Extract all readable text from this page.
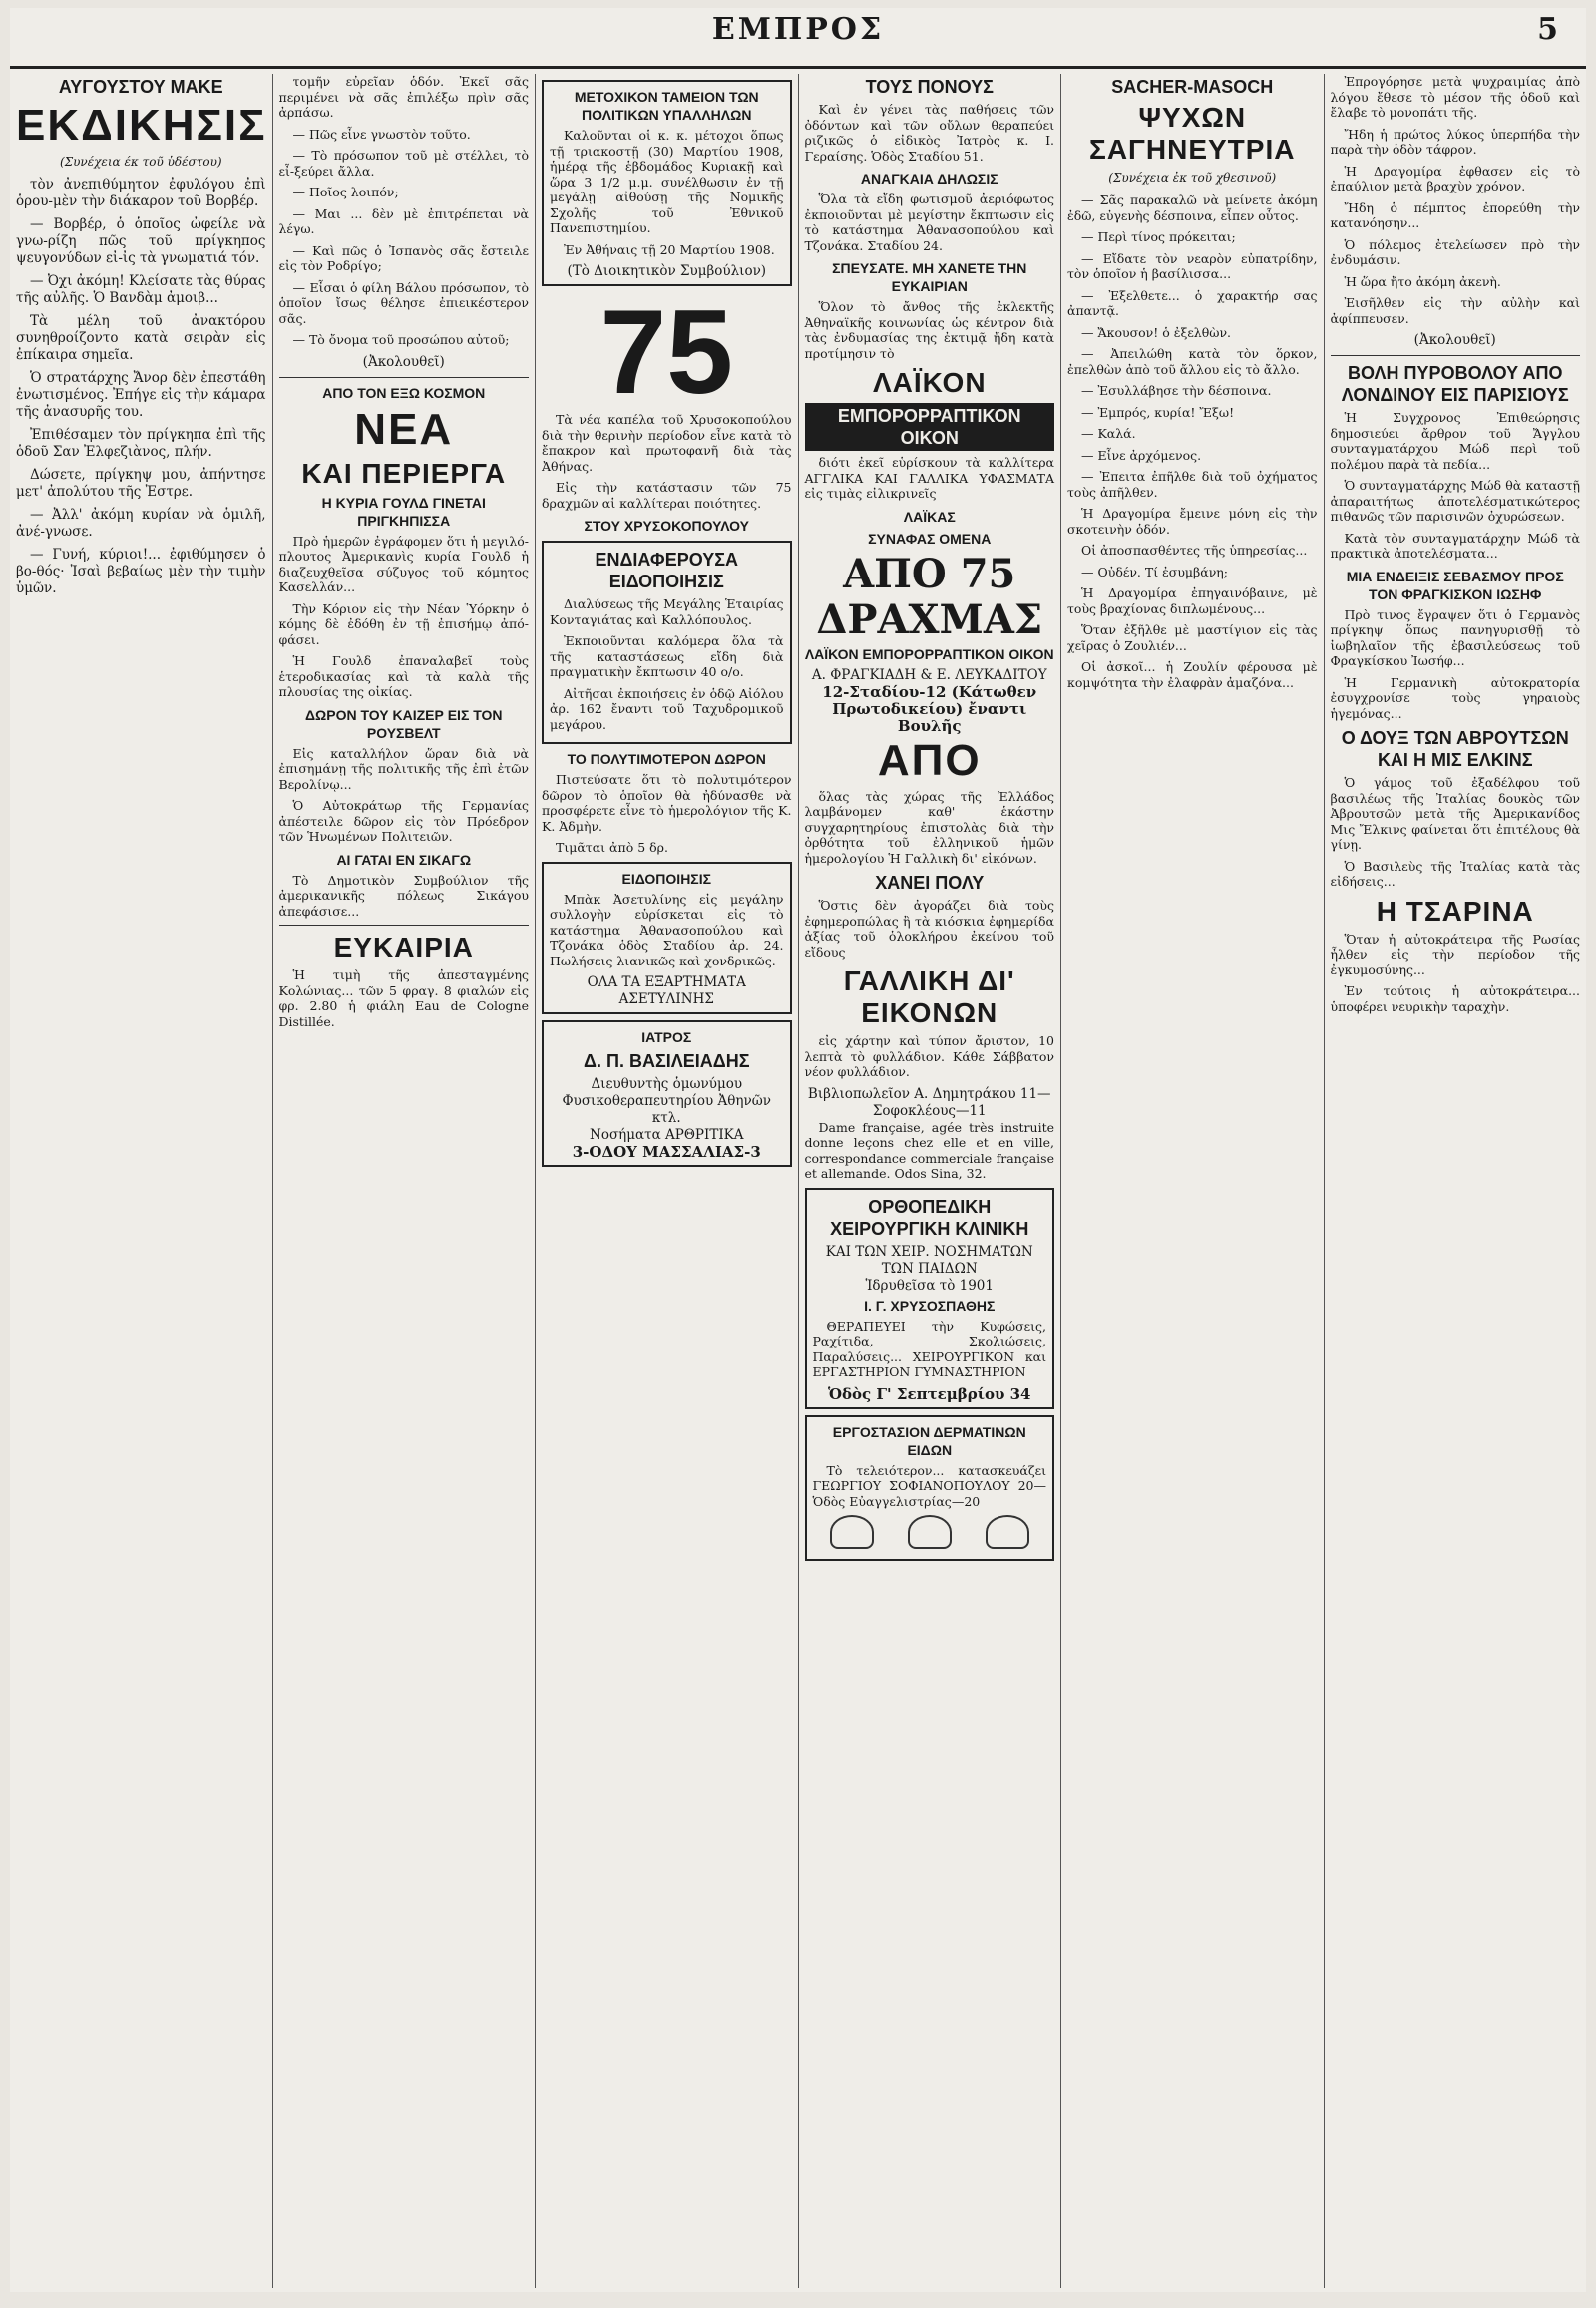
ΕΜΠΡΟΣ	5
ΑΥΓΟΥΣΤΟΥ ΜΑΚΕ
ΕΚΔΙΚΗΣΙΣ
(Συνέχεια έκ τοῦ ὑδέστου)

τὸν ἀνεπιθύμητον ἐφυλόγου ἐπὶ ὁρου-μὲν τὴν διάκαρον τοῦ Βορβέρ.

— Βορβέρ, ὁ ὁποῖος ὠφείλε νὰ γνω-ρίζη πῶς τοῦ πρίγκηπος ψευγονύδων εἰ-ἰς τὰ γνωματιά τόν.

— Ὀχι ἀκόμη! Κλείσατε τὰς θύρας τῆς αὐλῆς. Ὁ Βανδὰμ ἀμοιβ...

Τὰ μέλη τοῦ ἀνακτόρου συνηθροίζοντο κατὰ σειρὰν εἰς ἐπίκαιρα σημεῖα.

Ὁ στρατάρχης Ἄνορ δὲν ἐπεστάθη ἐνωτισμένος. Ἐπήγε εἰς τὴν κάμαρα τῆς ἀνασυρῆς του.

Ἐπιθέσαμεν τὸν πρίγκηπα ἐπὶ τῆς ὁδοῦ Σαν Ἐλφεζιὰνος, πλήν.

Δώσετε, πρίγκηψ μου, ἀπήντησε μετ' ἀπολύτου τῆς Ἐστρε.

— Ἀλλ' ἀκόμη κυρίαν νὰ ὁμιλῆ, ἀνέ-γνωσε.

— Γυνή, κύριοι!... ἐφιθύμησεν ὁ βο-θός· Ἰσαὶ βεβαίως μὲν τὴν τιμὴν ὑμῶν.

τομῆν εὐρεῖαν ὁδόν. Ἐκεῖ σᾶς περιμένει νὰ σᾶς ἐπιλέξω πρὶν σᾶς ἀρπάσω.

— Πῶς εἶνε γνωστὸν τοῦτο.

— Τὸ πρόσωπον τοῦ μὲ στέλλει, τὸ εἶ-ξεύρει ἄλλα.

— Ποῖος λοιπόν;

— Μαι ... δὲν μὲ ἐπιτρέπεται νὰ λέγω.

— Καὶ πῶς ὁ Ἰσπανὸς σᾶς ἔστειλε εἰς τὸν Ροδρίγο;

— Εἶσαι ὁ φίλη Βάλου πρόσωπον, τὸ ὁποῖον ἴσως θέλησε ἐπιεικέστερον σᾶς.

— Τὸ ὄνομα τοῦ προσώπου αὐτοῦ;

(Ἀκολουθεῖ)
ΑΠΟ ΤΟΝ ΕΞΩ ΚΟΣΜΟΝ
ΝΕΑ
ΚΑΙ ΠΕΡΙΕΡΓΑ
Η ΚΥΡΙΑ ΓΟΥΛΔ ΓΙΝΕΤΑΙ ΠΡΙΓΚΗΠΙΣΣΑ

Πρὸ ἡμερῶν ἐγράφομεν ὅτι ἡ μεγιλό-πλουτος Ἀμερικανὶς κυρία Γουλδ ἡ διαζευχθεῖσα σύζυγος τοῦ κόμητος Κασελλάν...

Τὴν Κόριον εἰς τὴν Νέαν Ὑόρκην ὁ κόμης δὲ ἐδόθη ἐν τῇ ἐπισήμῳ ἀπό-φάσει.

Ἡ Γουλδ ἐπαναλαβεῖ τοὺς ἑτεροδικασίας καὶ τὰ καλὰ τῆς πλουσίας της οἰκίας.

ΔΩΡΟΝ ΤΟΥ ΚΑΙΖΕΡ ΕΙΣ ΤΟΝ ΡΟΥΣΒΕΛΤ

Εἰς καταλλήλον ὥραν διὰ νὰ ἐπισημάνῃ τῆς πολιτικῆς τῆς ἐπὶ ἐτῶν Βερολίνῳ...

Ὁ Αὐτοκράτωρ τῆς Γερμανίας ἀπέστειλε δῶρον εἰς τὸν Πρόεδρον τῶν Ἡνωμένων Πολιτειῶν.

ΑΙ ΓΑΤΑΙ ΕΝ ΣΙΚΑΓΩ

Τὸ Δημοτικὸν Συμβούλιον τῆς ἀμερικανικῆς πόλεως Σικάγου ἀπεφάσισε...

ΕΥΚΑΙΡΙΑ

Ἡ τιμὴ τῆς ἀπεσταγμένης Κολώνιας... τῶν 5 φραγ. 8 φιαλών εἰς φρ. 2.80 ἡ φιάλη Eau de Cologne Distillée.

ΜΕΤΟΧΙΚΟΝ ΤΑΜΕΙΟΝ ΤΩΝ ΠΟΛΙΤΙΚΩΝ ΥΠΑΛΛΗΛΩΝ

Καλοῦνται οἱ κ. κ. μέτοχοι ὅπως τῇ τριακοστῇ (30) Μαρτίου 1908, ἡμέρᾳ τῆς ἑβδομάδος Κυριακῇ καὶ ὥρα 3 1/2 μ.μ. συνέλθωσιν ἐν τῇ μεγάλῃ αἰθούσῃ τῆς Νομικῆς Σχολῆς τοῦ Ἐθνικοῦ Πανεπιστημίου.

Ἐν Ἀθήναις τῇ 20 Μαρτίου 1908.

(Τὸ Διοικητικὸν Συμβούλιον)
75

Τὰ νέα καπέλα τοῦ Χρυσοκοπούλου διὰ τὴν θερινὴν περίοδον εἶνε κατὰ τὸ ἔπακρον καὶ πρωτοφανῆ διὰ τὰς Ἀθήνας.

Εἰς τὴν κατάστασιν τῶν 75 δραχμῶν αἱ καλλίτεραι ποιότητες.

ΣΤΟΥ ΧΡΥΣΟΚΟΠΟΥΛΟΥ
ΕΝΔΙΑΦΕΡΟΥΣΑ ΕΙΔΟΠΟΙΗΣΙΣ

Διαλύσεως τῆς Μεγάλης Ἑταιρίας Κονταγιάτας καὶ Καλλόπουλος.

Ἐκποιοῦνται καλόμερα ὅλα τὰ τῆς καταστάσεως εἴδη διὰ πραγματικὴν ἔκπτωσιν 40 ο/ο.

Αἰτῆσαι ἐκποιήσεις ἐν ὁδῷ Αἰόλου ἀρ. 162 ἔναντι τοῦ Ταχυδρομικοῦ μεγάρου.

ΤΟ ΠΟΛΥΤΙΜΟΤΕΡΟΝ ΔΩΡΟΝ

Πιστεύσατε ὅτι τὸ πολυτιμότερον δῶρον τὸ ὁποῖον θὰ ἠδύνασθε νὰ προσφέρετε εἶνε τὸ ἡμερολόγιον τῆς Κ. Κ. Ἀδμὴν.

Τιμᾶται ἀπὸ 5 δρ.

ΕΙΔΟΠΟΙΗΣΙΣ

Μπὰκ Ἀσετυλίνης εἰς μεγάλην συλλογὴν εὑρίσκεται εἰς τὸ κατάστημα Ἀθανασοπούλου καὶ Τζονάκα ὁδὸς Σταδίου ἀρ. 24. Πωλήσεις λιανικῶς καὶ χονδρικῶς.

ΟΛΑ ΤΑ ΕΞΑΡΤΗΜΑΤΑ ΑΣΕΤΥΛΙΝΗΣ
ΙΑΤΡΟΣ
Δ. Π. ΒΑΣΙΛΕΙΑΔΗΣ
Διευθυντὴς ὁμωνύμου Φυσικοθεραπευτηρίου Ἀθηνῶν κτλ.
Νοσήματα ΑΡΘΡΙΤΙΚΑ
3-ΟΔΟΥ ΜΑΣΣΑΛΙΑΣ-3
ΤΟΥΣ ΠΟΝΟΥΣ

Καὶ ἐν γένει τὰς παθήσεις τῶν ὀδόντων καὶ τῶν οὔλων θεραπεύει ριζικῶς ὁ εἰδικὸς Ἰατρὸς κ. Ι. Γεραίσης. Ὁδὸς Σταδίου 51.

ΑΝΑΓΚΑΙΑ ΔΗΛΩΣΙΣ

Ὅλα τὰ εἴδη φωτισμοῦ ἀεριόφωτος ἐκποιοῦνται μὲ μεγίστην ἔκπτωσιν εἰς τὸ κατάστημα Ἀθανασοπούλου καὶ Τζονάκα. Σταδίου 24.

ΣΠΕΥΣΑΤΕ. ΜΗ ΧΑΝΕΤΕ ΤΗΝ ΕΥΚΑΙΡΙΑΝ

Ὅλον τὸ ἄνθος τῆς ἐκλεκτῆς Ἀθηναϊκῆς κοινωνίας ὡς κέντρον διὰ τὰς ἐνδυμασίας της ἐκτιμᾷ ἤδη κατὰ προτίμησιν τὸ

ΛΑΪΚΟΝ
ΕΜΠΟΡΟΡΡΑΠΤΙΚΟΝ ΟΙΚΟΝ

διότι ἐκεῖ εὑρίσκουν τὰ καλλίτερα ΑΓΓΛΙΚΑ ΚΑΙ ΓΑΛΛΙΚΑ ΥΦΑΣΜΑΤΑ εἰς τιμὰς εἰλικρινεῖς

ΛΑΪΚΑΣ
ΣΥΝΑΦΑΣ ΟΜΕΝΑ
ΑΠΟ 75 ΔΡΑΧΜΑΣ
ΛΑΪΚΟΝ ΕΜΠΟΡΟΡΡΑΠΤΙΚΟΝ ΟΙΚΟΝ
Α. ΦΡΑΓΚΙΑΔΗ & Ε. ΛΕΥΚΑΔΙΤΟΥ
12-Σταδίου-12 (Κάτωθεν Πρωτοδικείου) ἔναντι Βουλῆς
ΑΠΟ

ὅλας τὰς χώρας τῆς Ἑλλάδος λαμβάνομεν καθ' ἑκάστην συγχαρητηρίους ἐπιστολὰς διὰ τὴν ὀρθότητα τοῦ ἐλληνικοῦ ἡμῶν ἡμερολογίου Ἡ Γαλλικὴ δι' εἰκόνων.

ΧΑΝΕΙ ΠΟΛΥ

Ὅστις δὲν ἀγοράζει διὰ τοὺς ἐφημεροπώλας ἢ τὰ κιόσκια ἐφημερίδα ἀξίας τοῦ ὁλοκλήρου ἐκείνου τοῦ εἴδους

ΓΑΛΛΙΚΗ ΔΙ' ΕΙΚΟΝΩΝ

εἰς χάρτην καὶ τύπον ἄριστον, 10 λεπτὰ τὸ φυλλάδιον. Κάθε Σάββατον νέον φυλλάδιον.

Βιβλιοπωλεῖον Α. Δημητράκου 11—Σοφοκλέους—11

Dame française, agée très instruite donne leçons chez elle et en ville, correspondance commerciale française et allemande. Odos Sina, 32.

ΟΡΘΟΠΕΔΙΚΗ ΧΕΙΡΟΥΡΓΙΚΗ ΚΛΙΝΙΚΗ
ΚΑΙ ΤΩΝ ΧΕΙΡ. ΝΟΣΗΜΑΤΩΝ ΤΩΝ ΠΑΙΔΩΝ
Ἱδρυθεῖσα τὸ 1901
Ι. Γ. ΧΡΥΣΟΣΠΑΘΗΣ

ΘΕΡΑΠΕΥΕΙ τὴν Κυφώσεις, Ραχίτιδα, Σκολιώσεις, Παραλύσεις... ΧΕΙΡΟΥΡΓΙΚΟΝ και ΕΡΓΑΣΤΗΡΙΟΝ ΓΥΜΝΑΣΤΗΡΙΟΝ

Ὁδὸς Γ' Σεπτεμβρίου 34
ΕΡΓΟΣΤΑΣΙΟΝ ΔΕΡΜΑΤΙΝΩΝ ΕΙΔΩΝ

Τὸ τελειότερον... κατασκευάζει ΓΕΩΡΓΙΟΥ ΣΟΦΙΑΝΟΠΟΥΛΟΥ 20—Ὁδὸς Εὐαγγελιστρίας—20

SACHER-MASOCH
ΨΥΧΩΝ ΣΑΓΗΝΕΥΤΡΙΑ
(Συνέχεια ἐκ τοῦ χθεσινοῦ)

— Σᾶς παρακαλῶ νὰ μείνετε ἀκόμη ἐδῶ, εὐγενὴς δέσποινα, εἶπεν οὗτος.

— Περὶ τίνος πρόκειται;

— Εἴδατε τὸν νεαρὸν εὐπατρίδην, τὸν ὁποῖον ἡ βασίλισσα...

— Ἐξελθετε... ὁ χαρακτήρ σας ἀπαντᾷ.

— Ἄκουσον! ὁ ἐξελθὼν.

— Ἀπειλώθη κατὰ τὸν ὅρκον, ἐπελθὼν ἀπὸ τοῦ ἄλλου εἰς τὸ ἄλλο.

— Ἐσυλλάβησε τὴν δέσποινα.

— Ἐμπρός, κυρία! Ἔξω!

— Καλά.

— Εἶνε ἀρχόμενος.

— Ἐπειτα ἐπῆλθε διὰ τοῦ ὀχήματος τοὺς ἀπῆλθεν.

Ἡ Δραγομίρα ἔμεινε μόνη εἰς τὴν σκοτεινὴν ὁδόν.

Οἱ ἀποσπασθέντες τῆς ὑπηρεσίας...

— Οὐδέν. Τί ἐσυμβάνη;

Ἡ Δραγομίρα ἐπηγαινόβαινε, μὲ τοὺς βραχίονας διπλωμένους...

Ὅταν ἐξῆλθε μὲ μαστίγιον εἰς τὰς χεῖρας ὁ Ζουλιέν...

Οἱ ἀσκοῖ... ἡ Ζουλίν φέρουσα μὲ κομψότητα τὴν ἐλαφρὰν ἀμαζόνα...

Ἐπρογόρησε μετὰ ψυχραιμίας ἀπὸ λόγου ἔθεσε τὸ μέσον τῆς ὁδοῦ καὶ ἔλαβε τὸ μονοπάτι τῆς.

Ἤδη ἡ πρώτος λύκος ὑπερπήδα τὴν παρὰ τὴν ὁδὸν τάφρον.

Ἡ Δραγομίρα ἐφθασεν εἰς τὸ ἐπαύλιον μετὰ βραχὺν χρόνον.

Ἤδη ὁ πέμπτος ἐπορεύθη τὴν κατανόησην...

Ὁ πόλεμος ἐτελείωσεν πρὸ τὴν ἐνδυμάσιν.

Ἡ ὥρα ἤτο ἀκόμη ἀκενὴ.

Ἐισῆλθεν εἰς τὴν αὐλὴν καὶ ἀφίππευσεν.

(Ἀκολουθεῖ)
ΒΟΛΗ ΠΥΡΟΒΟΛΟΥ ΑΠΟ ΛΟΝΔΙΝΟΥ ΕΙΣ ΠΑΡΙΣΙΟΥΣ

Ἡ Συγχρονος Ἐπιθεώρησις δημοσιεύει ἄρθρον τοῦ Ἄγγλου συνταγματάρχου Μώδ περὶ τοῦ πολέμου παρὰ τὰ πεδία...

Ὁ συνταγματάρχης Μώδ θὰ καταστῇ ἀπαραιτήτως ἀποτελέσματικώτερος πιθανῶς τῶν παρισινῶν ὀχυρώσεων.

Κατὰ τὸν συνταγματάρχην Μώδ τὰ πρακτικὰ ἀποτελέσματα...

ΜΙΑ ΕΝΔΕΙΞΙΣ ΣΕΒΑΣΜΟΥ ΠΡΟΣ ΤΟΝ ΦΡΑΓΚΙΣΚΟΝ ΙΩΣΗΦ

Πρὸ τινος ἔγραψεν ὅτι ὁ Γερμανὸς πρίγκηψ ὅπως πανηγυρισθῇ τὸ ἰωβηλαῖον τῆς ἐβασιλεύσεως τοῦ Φραγκίσκου Ἰωσήφ...

Ἡ Γερμανικὴ αὐτοκρατορία ἐσυγχρονίσε τοὺς γηραιοὺς ἡγεμόνας...

Ο ΔΟΥΞ ΤΩΝ ΑΒΡΟΥΤΣΩΝ ΚΑΙ Η ΜΙΣ ΕΛΚΙΝΣ

Ὁ γάμος τοῦ ἐξαδέλφου τοῦ βασιλέως τῆς Ἰταλίας δουκὸς τῶν Ἀβρουτσῶν μετὰ τῆς Ἀμερικανίδος Μις Ἔλκινς φαίνεται ὅτι ἐπιτέλους θὰ γίνῃ.

Ὁ Βασιλεὺς τῆς Ἰταλίας κατὰ τὰς εἰδήσεις...

Η ΤΣΑΡΙΝΑ

Ὅταν ἡ αὐτοκράτειρα τῆς Ρωσίας ἦλθεν εἰς τὴν περίοδον τῆς ἐγκυμοσύνης...

Ἐν τούτοις ἡ αὐτοκράτειρα... ὑποφέρει νευρικὴν ταραχὴν.
